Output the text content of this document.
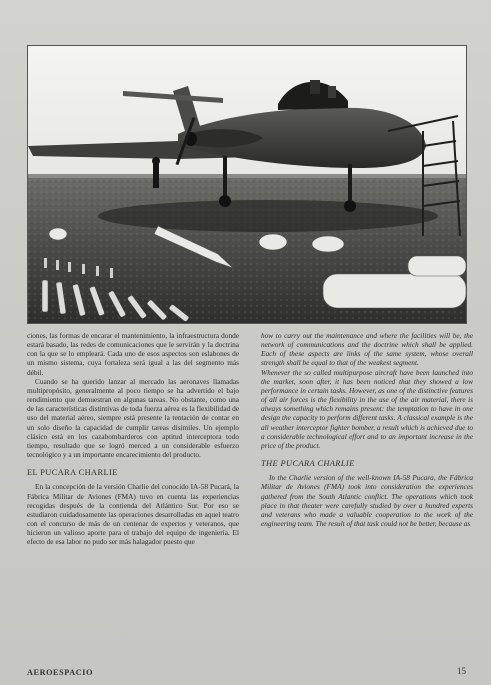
ciones, las formas de encarar el mantenimiento, la infraestructura donde estará basado, las redes de comunicaciones que le servirán y la doctrina con la que se lo empleará. Cada uno de esos aspectos son eslabones de un mismo sistema, cuya fortaleza será igual a las del segmento más débil.

Cuando se ha querido lanzar al mercado las aeronaves llamadas multipropósito, generalmente al poco tiempo se ha advertido el bajo rendimiento que demuestran en algunas tareas. No obstante, como una de las características distintivas de toda fuerza aérea es la flexibilidad de uso del material aéreo, siempre está presente la tentación de contar en un solo diseño la capacidad de cumplir tareas disímiles. Un ejemplo clásico está en los cazabombarderos con aptitud interceptora todo tiempo, resultado que se logró merced a un considerable esfuerzo tecnológico y a un importante encarecimiento del producto.

EL PUCARA CHARLIE

En la concepción de la versión Charlie del conocido IA-58 Pucará, la Fábrica Militar de Aviones (FMA) tuvo en cuenta las experiencias recogidas después de la contienda del Atlántico Sur. Por eso se estudiaron cuidadosamente las operaciones desarrolladas en aquel teatro con el concurso de más de un centenar de expertos y veteranos, que hicieron un valioso aporte para el trabajo del equipo de ingeniería. El efecto de esa labor no pudo ser más halagador puesto que

how to carry out the maintenance and where the facilities will be, the network of communications and the doctrine which shall be applied. Each of these aspects are links of the same system, whose overall strength shall be equal to that of the weakest segment.

Whenever the so called multipurpose aircraft have been launched into the market, soon after, it has been noticed that they showed a low performance in certain tasks. However, as one of the distinctive features of all air forces is the flexibility in the use of the air material, there is always something which remains present: the temptation to have in one design the capacity to perform different tasks. A classical example is the all weather interceptor fighter bomber, a result which is achieved due to a considerable technological effort and to an important increase in the price of the product.

THE PUCARA CHARLIE

In the Charlie version of the well-known IA-58 Pucara, the Fábrica Militar de Aviones (FMA) took into consideration the experiences gathered from the South Atlantic conflict. The operations which took place in that theater were carefully studied by over a hundred experts and veterans who made a valuable cooperation to the work of the engineering team. The result of that task could not be better, because as

AEROESPACIO	15
